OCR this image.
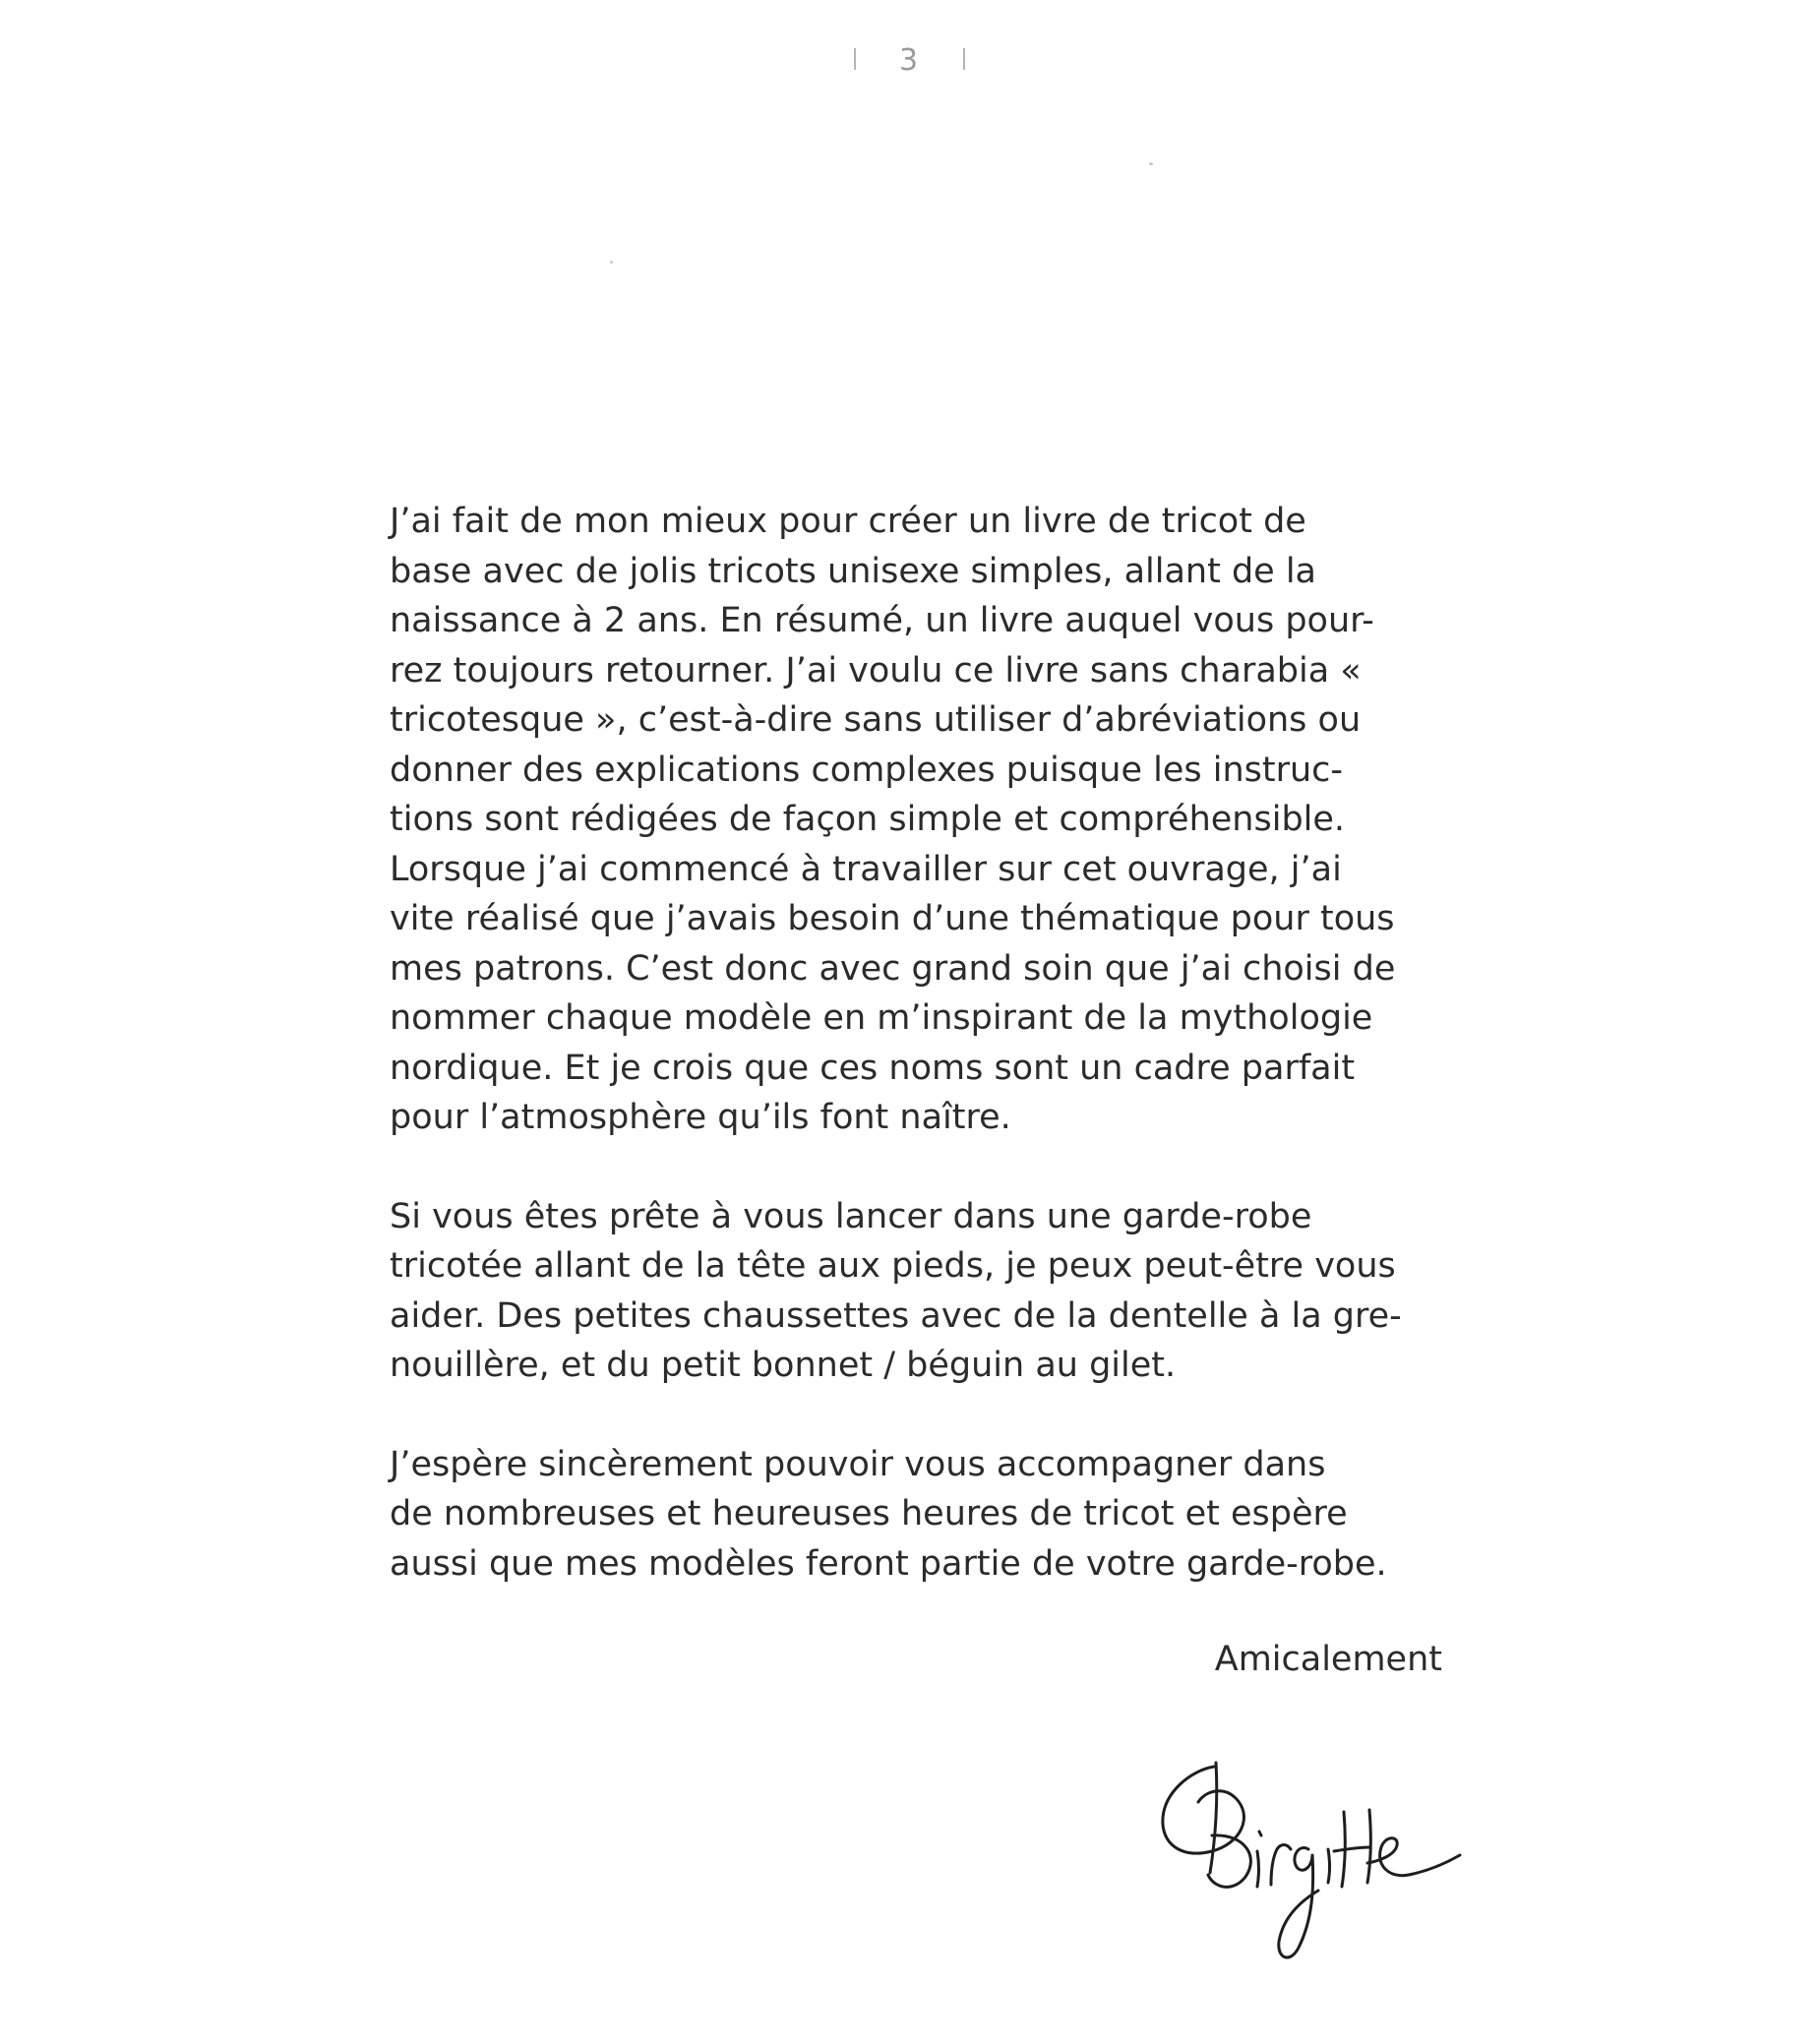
3

J’ai fait de mon mieux pour créer un livre de tricot de
base avec de jolis tricots unisexe simples, allant de la
naissance à 2 ans. En résumé, un livre auquel vous pour-
rez toujours retourner. J’ai voulu ce livre sans charabia «
tricotesque », c’est-à-dire sans utiliser d’abréviations ou
donner des explications complexes puisque les instruc-
tions sont rédigées de façon simple et compréhensible.
Lorsque j’ai commencé à travailler sur cet ouvrage, j’ai
vite réalisé que j’avais besoin d’une thématique pour tous
mes patrons. C’est donc avec grand soin que j’ai choisi de
nommer chaque modèle en m’inspirant de la mythologie
nordique. Et je crois que ces noms sont un cadre parfait
pour l’atmosphère qu’ils font naître.

Si vous êtes prête à vous lancer dans une garde-robe
tricotée allant de la tête aux pieds, je peux peut-être vous
aider. Des petites chaussettes avec de la dentelle à la gre-
nouillère, et du petit bonnet / béguin au gilet.

J’espère sincèrement pouvoir vous accompagner dans
de nombreuses et heureuses heures de tricot et espère
aussi que mes modèles feront partie de votre garde-robe.

Amicalement
